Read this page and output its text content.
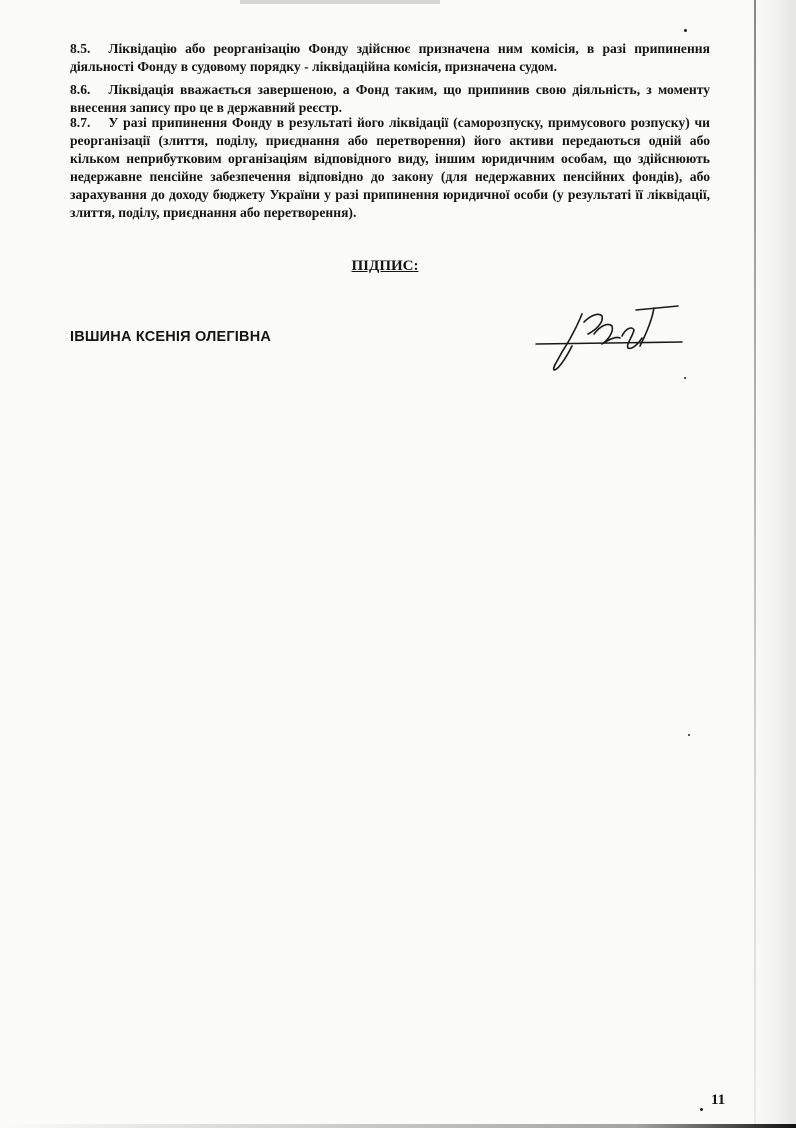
8.5. Ліквідацію або реорганізацію Фонду здійснює призначена ним комісія, в разі припинення діяльності Фонду в судовому порядку - ліквідаційна комісія, призначена судом.

8.6. Ліквідація вважається завершеною, а Фонд таким, що припинив свою діяльність, з моменту внесення запису про це в державний реєстр.

8.7. У разі припинення Фонду в результаті його ліквідації (саморозпуску, примусового розпуску) чи реорганізації (злиття, поділу, приєднання або перетворення) його активи передаються одній або кільком неприбутковим організаціям відповідного виду, іншим юридичним особам, що здійснюють недержавне пенсійне забезпечення відповідно до закону (для недержавних пенсійних фондів), або зарахування до доходу бюджету України у разі припинення юридичної особи (у результаті її ліквідації, злиття, поділу, приєднання або перетворення).

ПІДПИС:
ІВШИНА КСЕНІЯ ОЛЕГІВНА
11
